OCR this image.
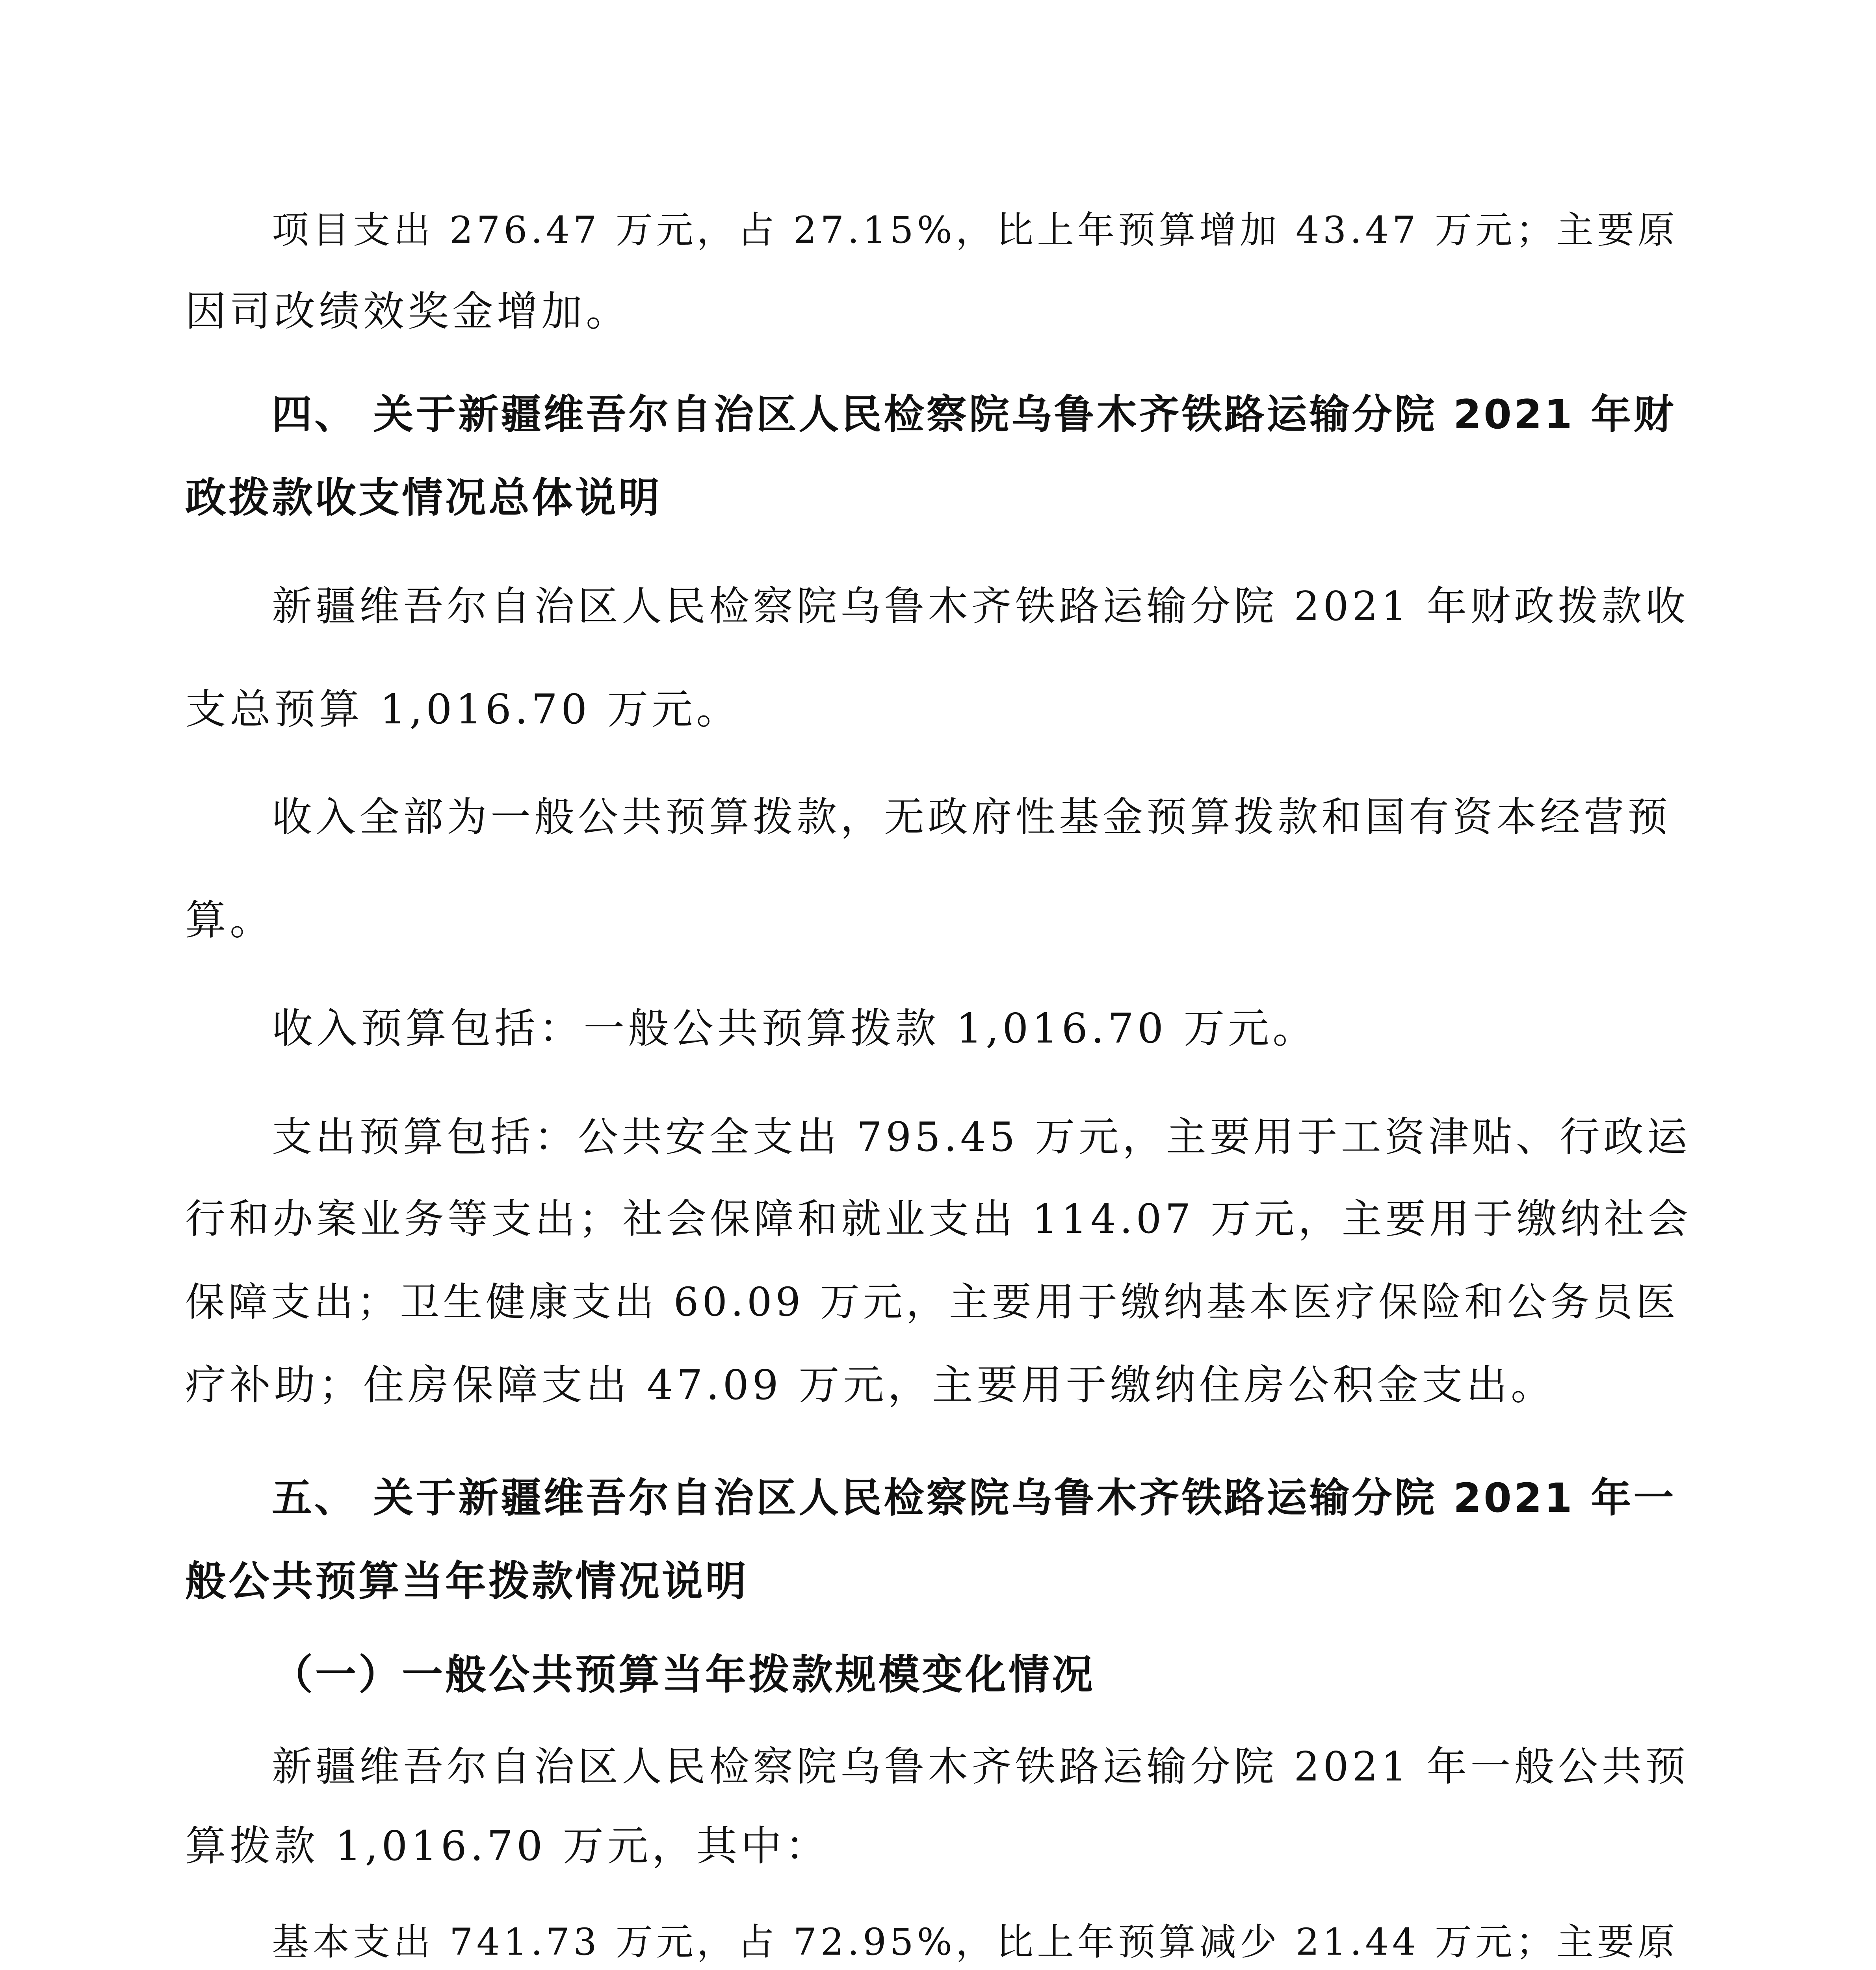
项目支出 276.47 万元，占 27.15%，比上年预算增加 43.47 万元；主要原

因司改绩效奖金增加。

四、 关于新疆维吾尔自治区人民检察院乌鲁木齐铁路运输分院 2021 年财

政拨款收支情况总体说明

新疆维吾尔自治区人民检察院乌鲁木齐铁路运输分院 2021 年财政拨款收

支总预算 1,016.70 万元。

收入全部为一般公共预算拨款，无政府性基金预算拨款和国有资本经营预

算。

收入预算包括：一般公共预算拨款 1,016.70 万元。

支出预算包括：公共安全支出 795.45 万元，主要用于工资津贴、行政运

行和办案业务等支出；社会保障和就业支出 114.07 万元，主要用于缴纳社会

保障支出；卫生健康支出 60.09 万元，主要用于缴纳基本医疗保险和公务员医

疗补助；住房保障支出 47.09 万元，主要用于缴纳住房公积金支出。

五、 关于新疆维吾尔自治区人民检察院乌鲁木齐铁路运输分院 2021 年一

般公共预算当年拨款情况说明

（一）一般公共预算当年拨款规模变化情况

新疆维吾尔自治区人民检察院乌鲁木齐铁路运输分院 2021 年一般公共预

算拨款 1,016.70 万元，其中：

基本支出 741.73 万元，占 72.95%，比上年预算减少 21.44 万元；主要原
